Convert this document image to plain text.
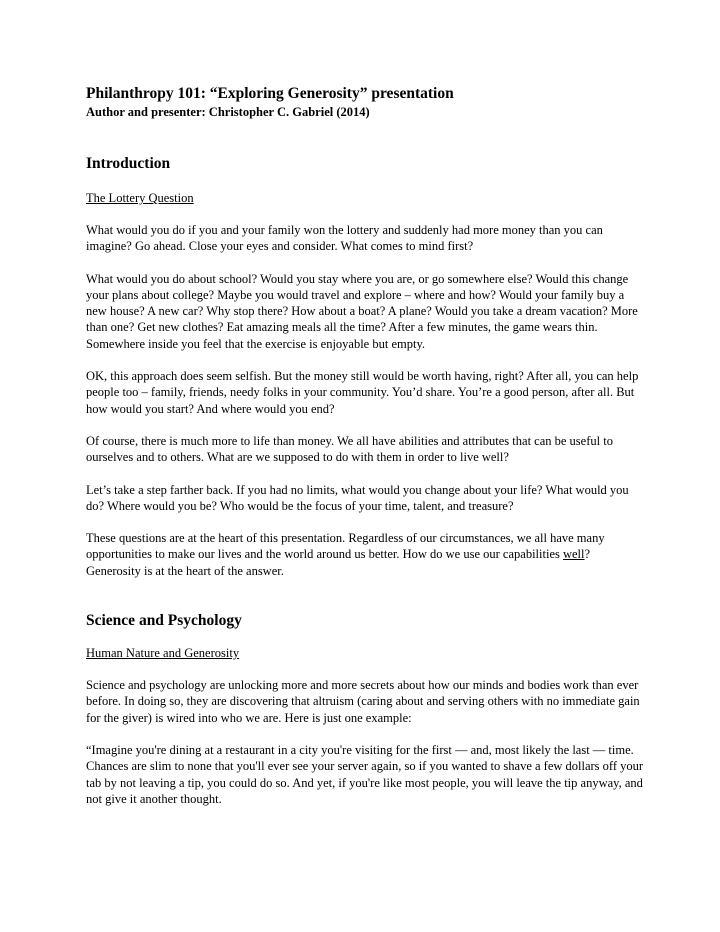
Philanthropy 101: “Exploring Generosity” presentation
Author and presenter: Christopher C. Gabriel (2014)
Introduction
The Lottery Question

What would you do if you and your family won the lottery and suddenly had more money than you can imagine? Go ahead. Close your eyes and consider. What comes to mind first?

What would you do about school? Would you stay where you are, or go somewhere else? Would this change your plans about college? Maybe you would travel and explore – where and how? Would your family buy a new house? A new car? Why stop there? How about a boat? A plane? Would you take a dream vacation? More than one? Get new clothes? Eat amazing meals all the time? After a few minutes, the game wears thin. Somewhere inside you feel that the exercise is enjoyable but empty.

OK, this approach does seem selfish. But the money still would be worth having, right? After all, you can help people too – family, friends, needy folks in your community. You’d share. You’re a good person, after all. But how would you start? And where would you end?

Of course, there is much more to life than money. We all have abilities and attributes that can be useful to ourselves and to others. What are we supposed to do with them in order to live well?

Let’s take a step farther back. If you had no limits, what would you change about your life? What would you do? Where would you be? Who would be the focus of your time, talent, and treasure?

These questions are at the heart of this presentation. Regardless of our circumstances, we all have many opportunities to make our lives and the world around us better. How do we use our capabilities well? Generosity is at the heart of the answer.

Science and Psychology
Human Nature and Generosity

Science and psychology are unlocking more and more secrets about how our minds and bodies work than ever before. In doing so, they are discovering that altruism (caring about and serving others with no immediate gain for the giver) is wired into who we are. Here is just one example:

“Imagine you're dining at a restaurant in a city you're visiting for the first — and, most likely the last — time. Chances are slim to none that you'll ever see your server again, so if you wanted to shave a few dollars off your tab by not leaving a tip, you could do so. And yet, if you're like most people, you will leave the tip anyway, and not give it another thought.
